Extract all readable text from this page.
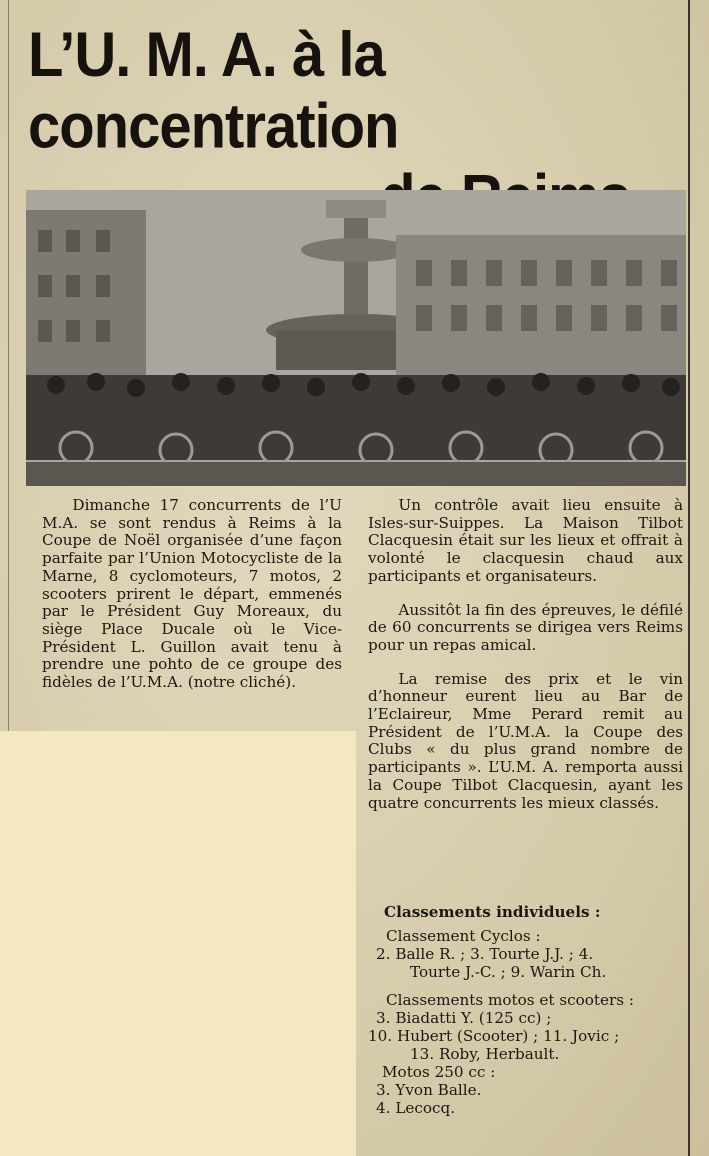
L’U. M. A. à la concentration

Dimanche 17 concurrents de l’U M.A. se sont rendus à Reims à la Coupe de Noël organisée d’une façon parfaite par l’Union Motocycliste de la Marne, 8 cyclomoteurs, 7 motos, 2 scooters prirent le départ, emmenés par le Président Guy Moreaux, du siège Place Ducale où le Vice-Président L. Guillon avait tenu à prendre une pohto de ce groupe des fidèles de l’U.M.A. (notre cliché).

Un contrôle avait lieu ensuite à Isles-sur-Suippes. La Maison Tilbot Clacquesin était sur les lieux et offrait à volonté le clacquesin chaud aux participants et organisateurs.

Aussitôt la fin des épreuves, le défilé de 60 concurrents se dirigea vers Reims pour un repas amical.

La remise des prix et le vin d’honneur eurent lieu au Bar de l’Eclaireur, Mme Perard remit au Président de l’U.M.A. la Coupe des Clubs « du plus grand nombre de participants ». L’U.M. A. remporta aussi la Coupe Tilbot Clacquesin, ayant les quatre concurrents les mieux classés.

Classements individuels :
Classement Cyclos :
2. Balle R. ; 3. Tourte J.J. ; 4.
Tourte J.-C. ; 9. Warin Ch.
Classements motos et scooters :
3. Biadatti Y. (125 cc) ;
10. Hubert (Scooter) ; 11. Jovic ;
13. Roby, Herbault.
Motos 250 cc :
3. Yvon Balle.
4. Lecocq.
